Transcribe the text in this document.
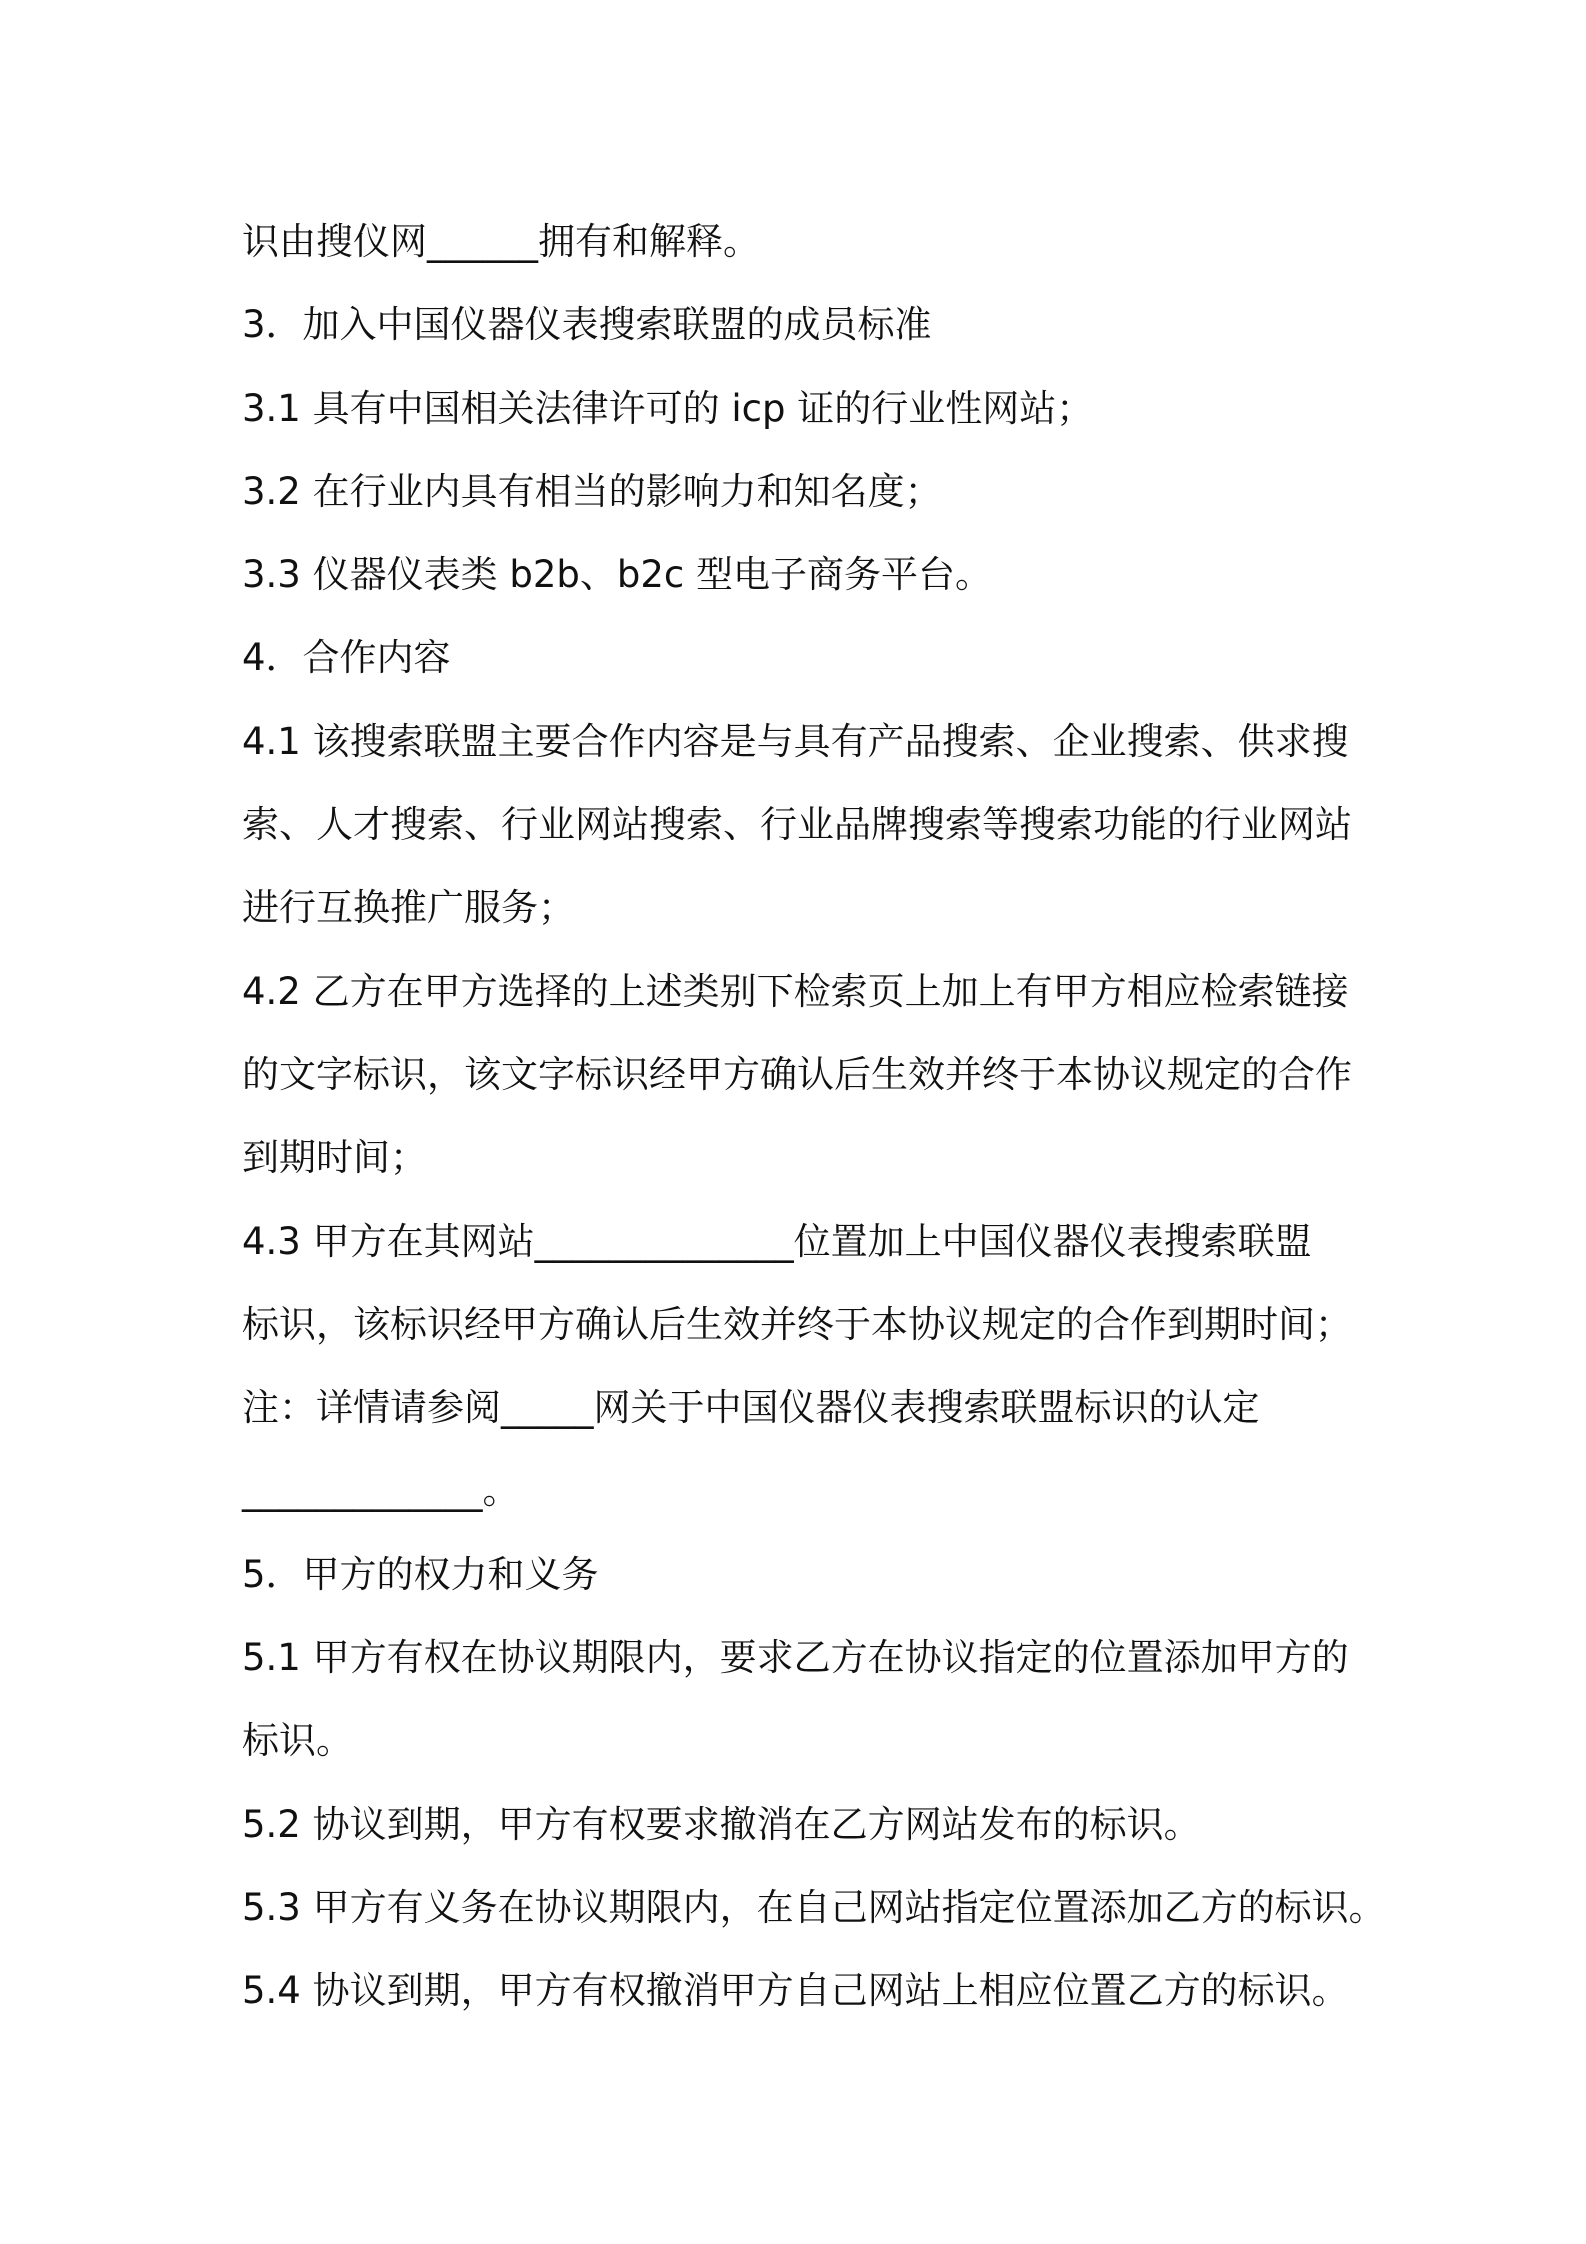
识由搜仪网______拥有和解释。
3．加入中国仪器仪表搜索联盟的成员标准
3.1 具有中国相关法律许可的 icp 证的行业性网站；
3.2 在行业内具有相当的影响力和知名度；
3.3 仪器仪表类 b2b、b2c 型电子商务平台。
4．合作内容
4.1 该搜索联盟主要合作内容是与具有产品搜索、企业搜索、供求搜
索、人才搜索、行业网站搜索、行业品牌搜索等搜索功能的行业网站
进行互换推广服务；
4.2 乙方在甲方选择的上述类别下检索页上加上有甲方相应检索链接
的文字标识，该文字标识经甲方确认后生效并终于本协议规定的合作
到期时间；
4.3 甲方在其网站______________位置加上中国仪器仪表搜索联盟
标识，该标识经甲方确认后生效并终于本协议规定的合作到期时间；
注：详情请参阅_____网关于中国仪器仪表搜索联盟标识的认定
_____________。
5．甲方的权力和义务
5.1 甲方有权在协议期限内，要求乙方在协议指定的位置添加甲方的
标识。
5.2 协议到期，甲方有权要求撤消在乙方网站发布的标识。
5.3 甲方有义务在协议期限内，在自己网站指定位置添加乙方的标识。
5.4 协议到期，甲方有权撤消甲方自己网站上相应位置乙方的标识。
